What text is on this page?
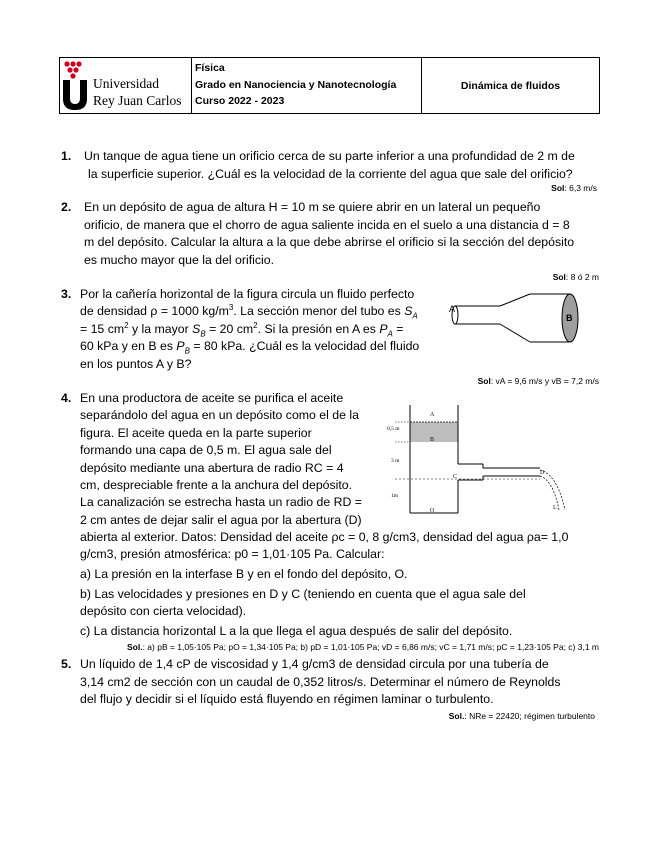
Universidad
Rey Juan Carlos
Física
Grado en Nanociencia y Nanotecnología
Curso 2022 - 2023
Dinámica de fluidos
1. Un tanque de agua tiene un orificio cerca de su parte inferior a una profundidad de 2 m de
la superficie superior. ¿Cuál es la velocidad de la corriente del agua que sale del orificio?
Sol: 6,3 m/s
2. En un depósito de agua de altura H = 10 m se quiere abrir en un lateral un pequeño
orificio, de manera que el chorro de agua saliente incida en el suelo a una distancia d = 8
m del depósito. Calcular la altura a la que debe abrirse el orificio si la sección del depósito
es mucho mayor que la del orificio.
Sol: 8 ó 2 m
3. Por la cañería horizontal de la figura circula un fluido perfecto
de densidad ρ = 1000 $kg/m^3$. La sección menor del tubo es $S_A$
= 15 $cm^2$ y la mayor $S_B = 20$ $cm^2$. Si la presión en A es $P_A$ =
60 kPa y en B es $P_B = 80$ kPa. ¿Cuál es la velocidad del fluido
en los puntos A y B?
A
B
Sol: vA = 9,6 m/s y vB = 7,2 m/s
4. En una productora de aceite se purifica el aceite
separándolo del agua en un depósito como el de la
figura. El aceite queda en la parte superior
formando una capa de 0,5 m. El agua sale del
depósito mediante una abertura de radio RC = 4
cm, despreciable frente a la anchura del depósito.
La canalización se estrecha hasta un radio de RD =
2 cm antes de dejar salir el agua por la abertura (D)
abierta al exterior. Datos: Densidad del aceite ρc = 0, 8 g/cm3, densidad del agua ρa= 1,0
g/cm3, presión atmosférica: p0 = 1,01·105 Pa. Calcular:
a) La presión en la interfase B y en el fondo del depósito, O.
b) Las velocidades y presiones en D y C (teniendo en cuenta que el agua sale del
depósito con cierta velocidad).
c) La distancia horizontal L a la que llega el agua después de salir del depósito.
0,5 m
3 m
1m
A
B
C
D
O	L
Sol.: a) pB = 1,05·105 Pa; pO = 1,34·105 Pa; b) pD = 1,01·105 Pa; vD = 6,86 m/s; vC = 1,71 m/s; pC = 1,23·105 Pa; c) 3,1 m
5. Un líquido de 1,4 cP de viscosidad y 1,4 g/cm3 de densidad circula por una tubería de
3,14 cm2 de sección con un caudal de 0,352 litros/s. Determinar el número de Reynolds
del flujo y decidir si el líquido está fluyendo en régimen laminar o turbulento.
Sol.: NRe = 22420; régimen turbulento
